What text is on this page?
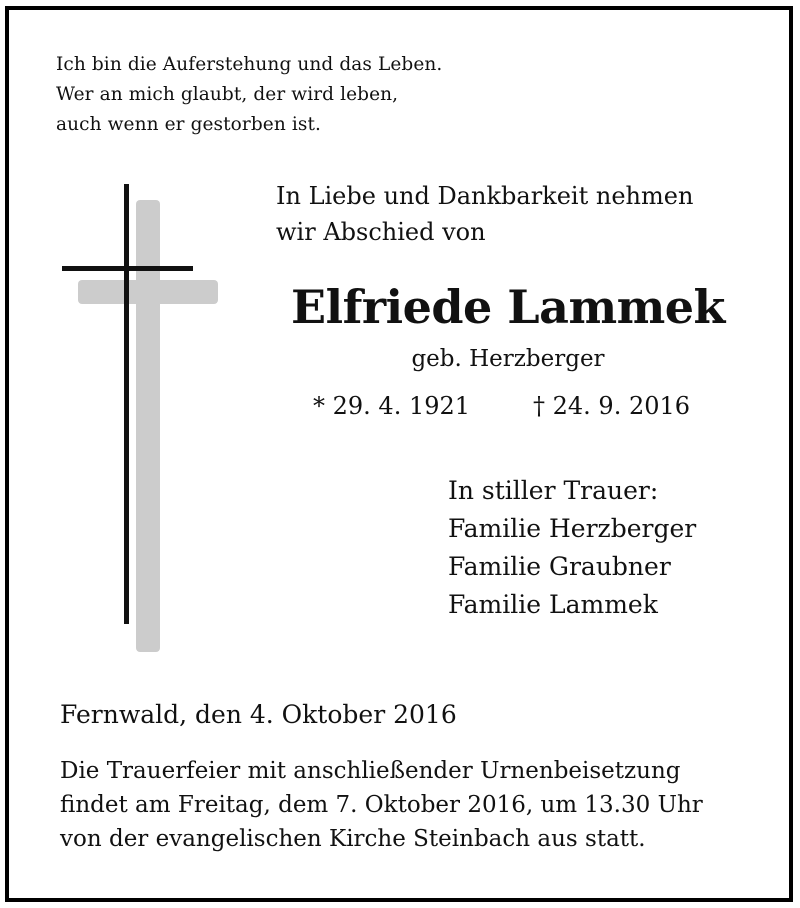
Ich bin die Auferstehung und das Leben.
Wer an mich glaubt, der wird leben,
auch wenn er gestorben ist.
In Liebe und Dankbarkeit nehmen
wir Abschied von
Elfriede Lammek
geb. Herzberger
* 29. 4. 1921	† 24. 9. 2016
In stiller Trauer:
Familie Herzberger
Familie Graubner
Familie Lammek
Fernwald, den 4. Oktober 2016
Die Trauerfeier mit anschließender Urnenbeisetzung
findet am Freitag, dem 7. Oktober 2016, um 13.30 Uhr
von der evangelischen Kirche Steinbach aus statt.
